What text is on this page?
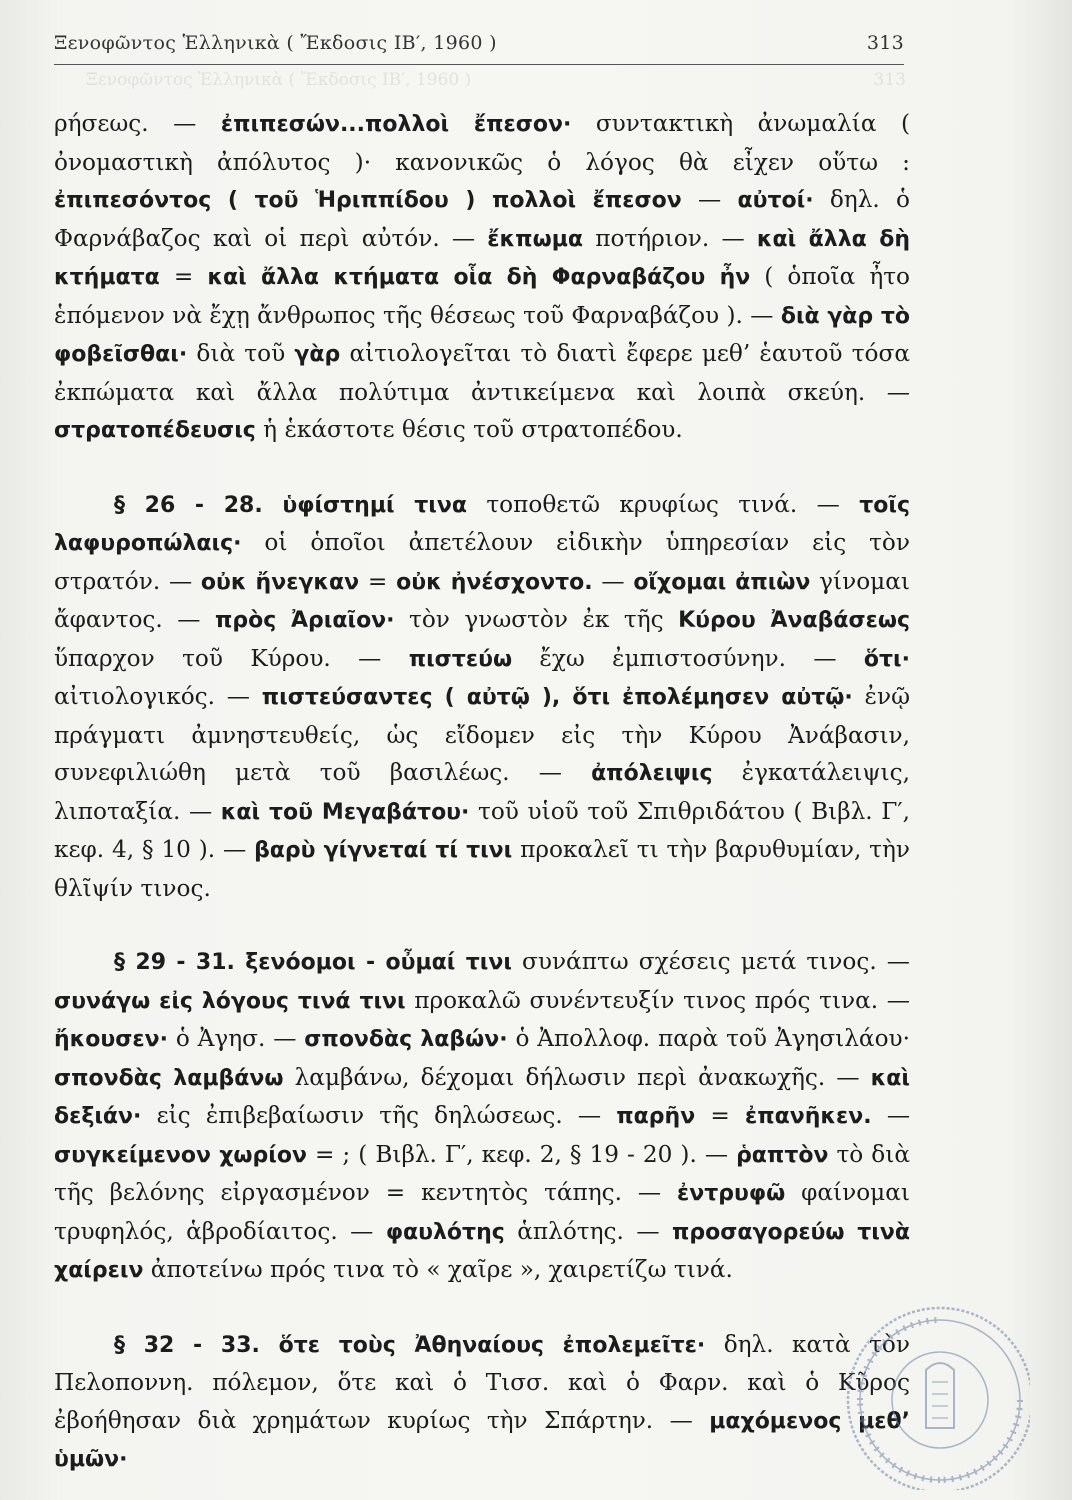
Ξενοφῶντος Ἑλληνικὰ ( Ἔκδοσις ΙΒ′, 1960 )	313
Ξενοφῶντος Ἑλληνικὰ ( Ἔκδοσις ΙΒ′, 1960 )	313

ρήσεως. — ἐπιπεσών...πολλοὶ ἔπεσον· συντακτικὴ ἀνωμαλία ( ὀνομαστικὴ ἀπόλυτος )· κανονικῶς ὁ λόγος θὰ εἶχεν οὕτω : ἐπιπεσόντος ( τοῦ Ἡριππίδου ) πολλοὶ ἔπεσον — αὐτοί· δηλ. ὁ Φαρνάβαζος καὶ οἱ περὶ αὐτόν. — ἔκπωμα ποτήριον. — καὶ ἄλλα δὴ κτήματα = καὶ ἄλλα κτήματα οἷα δὴ Φαρναβάζου ἦν ( ὁποῖα ἦτο ἑπόμενον νὰ ἔχῃ ἄνθρωπος τῆς θέσεως τοῦ Φαρναβάζου ). — διὰ γὰρ τὸ φοβεῖσθαι· διὰ τοῦ γὰρ αἰτιολογεῖται τὸ διατὶ ἔφερε μεθ’ ἑαυτοῦ τόσα ἐκπώματα καὶ ἄλλα πολύτιμα ἀντικείμενα καὶ λοιπὰ σκεύη. — στρατοπέδευσις ἡ ἑκάστοτε θέσις τοῦ στρατοπέδου.

§ 26 - 28. ὑφίστημί τινα τοποθετῶ κρυφίως τινά. — τοῖς λαφυροπώλαις· οἱ ὁποῖοι ἀπετέλουν εἰδικὴν ὑπηρεσίαν εἰς τὸν στρατόν. — οὐκ ἤνεγκαν = οὐκ ἠνέσχοντο. — οἴχομαι ἀπιὼν γίνομαι ἄφαντος. — πρὸς Ἀριαῖον· τὸν γνωστὸν ἐκ τῆς Κύρου Ἀναβάσεως ὕπαρχον τοῦ Κύρου. — πιστεύω ἔχω ἐμπιστοσύνην. — ὅτι· αἰτιολογικός. — πιστεύσαντες ( αὐτῷ ), ὅτι ἐπολέμησεν αὐτῷ· ἐνῷ πράγματι ἀμνηστευθείς, ὡς εἴδομεν εἰς τὴν Κύρου Ἀνάβασιν, συνεφιλιώθη μετὰ τοῦ βασιλέως. — ἀπόλειψις ἐγκατάλειψις, λιποταξία. — καὶ τοῦ Μεγαβάτου· τοῦ υἱοῦ τοῦ Σπιθριδάτου ( Βιβλ. Γ′, κεφ. 4, § 10 ). — βαρὺ γίγνεταί τί τινι προκαλεῖ τι τὴν βαρυθυμίαν, τὴν θλῖψίν τινος.

§ 29 - 31. ξενόομοι - οὖμαί τινι συνάπτω σχέσεις μετά τινος. — συνάγω εἰς λόγους τινά τινι προκαλῶ συνέντευξίν τινος πρός τινα. — ἤκουσεν· ὁ Ἀγησ. — σπονδὰς λαβών· ὁ Ἀπολλοφ. παρὰ τοῦ Ἀγησιλάου· σπονδὰς λαμβάνω λαμβάνω, δέχομαι δήλωσιν περὶ ἀνακωχῆς. — καὶ δεξιάν· εἰς ἐπιβεβαίωσιν τῆς δηλώσεως. — παρῆν = ἐπανῆκεν. — συγκείμενον χωρίον = ; ( Βιβλ. Γ′, κεφ. 2, § 19 - 20 ). — ῥαπτὸν τὸ διὰ τῆς βελόνης εἰργασμένον = κεντητὸς τάπης. — ἐντρυφῶ φαίνομαι τρυφηλός, ἁβροδίαιτος. — φαυλότης ἁπλότης. — προσαγορεύω τινὰ χαίρειν ἀποτείνω πρός τινα τὸ « χαῖρε », χαιρετίζω τινά.

§ 32 - 33. ὅτε τοὺς Ἀθηναίους ἐπολεμεῖτε· δηλ. κατὰ τὸν Πελοποννη. πόλεμον, ὅτε καὶ ὁ Τισσ. καὶ ὁ Φαρν. καὶ ὁ Κῦρος ἐβοήθησαν διὰ χρημάτων κυρίως τὴν Σπάρτην. — μαχόμενος μεθ’ ὑμῶν·
